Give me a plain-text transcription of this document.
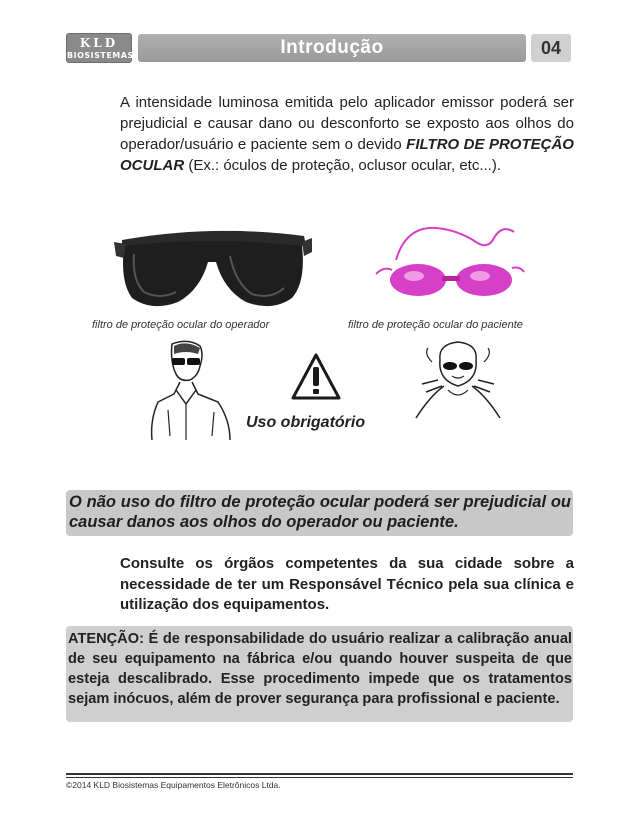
KLD
BIOSISTEMAS	Introdução	04
A intensidade luminosa emitida pelo aplicador emissor poderá ser prejudicial e causar dano ou desconforto se exposto aos olhos do operador/usuário e paciente sem o devido FILTRO DE PROTEÇÃO OCULAR (Ex.: óculos de proteção, oclusor ocular, etc...).
filtro de proteção ocular do operador	filtro de proteção ocular do paciente
Uso obrigatório
O não uso do filtro de proteção ocular poderá ser prejudicial ou causar danos aos olhos do operador ou paciente.
Consulte os órgãos competentes da sua cidade sobre a necessidade de ter um Responsável Técnico pela sua clínica e utilização dos equipamentos.
ATENÇÃO: É de responsabilidade do usuário realizar a calibração anual de seu equipamento na fábrica e/ou quando houver suspeita de que esteja descalibrado. Esse procedimento impede que os tratamentos sejam inócuos, além de prover segurança para profissional e paciente.
©2014 KLD Biosistemas Equipamentos Eletrônicos Ltda.
